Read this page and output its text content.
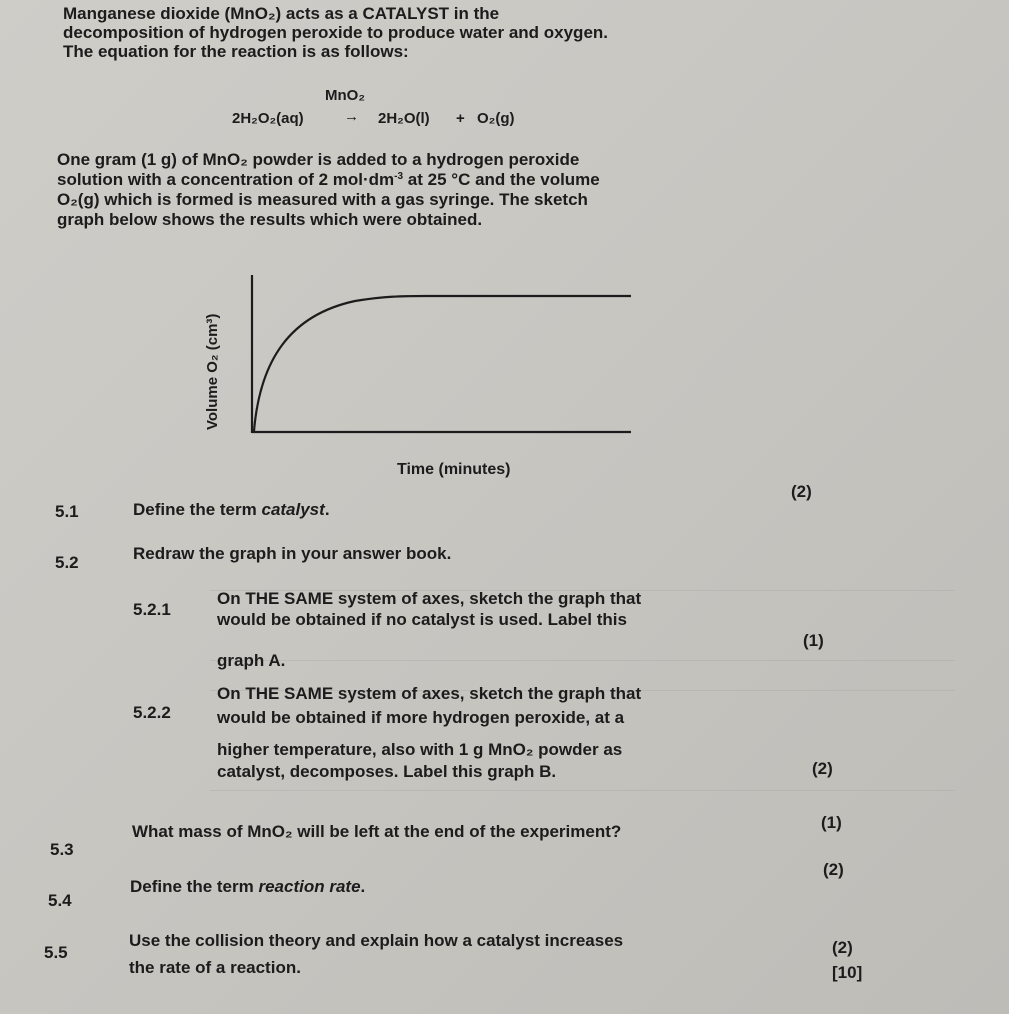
Manganese dioxide (MnO₂) acts as a CATALYST in the
decomposition of hydrogen peroxide to produce water and oxygen.
The equation for the reaction is as follows:
MnO₂
2H₂O₂(aq)	→ 2H₂O(l) + O₂(g)
One gram (1 g) of MnO₂ powder is added to a hydrogen peroxide
solution with a concentration of 2 $mol\cdot dm^{-3}$ at 25 °C and the volume
O₂(g) which is formed is measured with a gas syringe. The sketch
graph below shows the results which were obtained.
Volume O₂ (cm³)
Time (minutes)
5.1	Define the term catalyst.
(2)
5.2	Redraw the graph in your answer book.
5.2.1
On THE SAME system of axes, sketch the graph that
would be obtained if no catalyst is used. Label this
graph A.
(1)
5.2.2
On THE SAME system of axes, sketch the graph that
would be obtained if more hydrogen peroxide, at a
higher temperature, also with 1 g MnO₂ powder as
catalyst, decomposes. Label this graph B.	(2)
5.3
What mass of MnO₂ will be left at the end of the experiment?	(1)
5.4
Define the term reaction rate.
(2)
5.5
Use the collision theory and explain how a catalyst increases
the rate of a reaction.
(2)
[10]
